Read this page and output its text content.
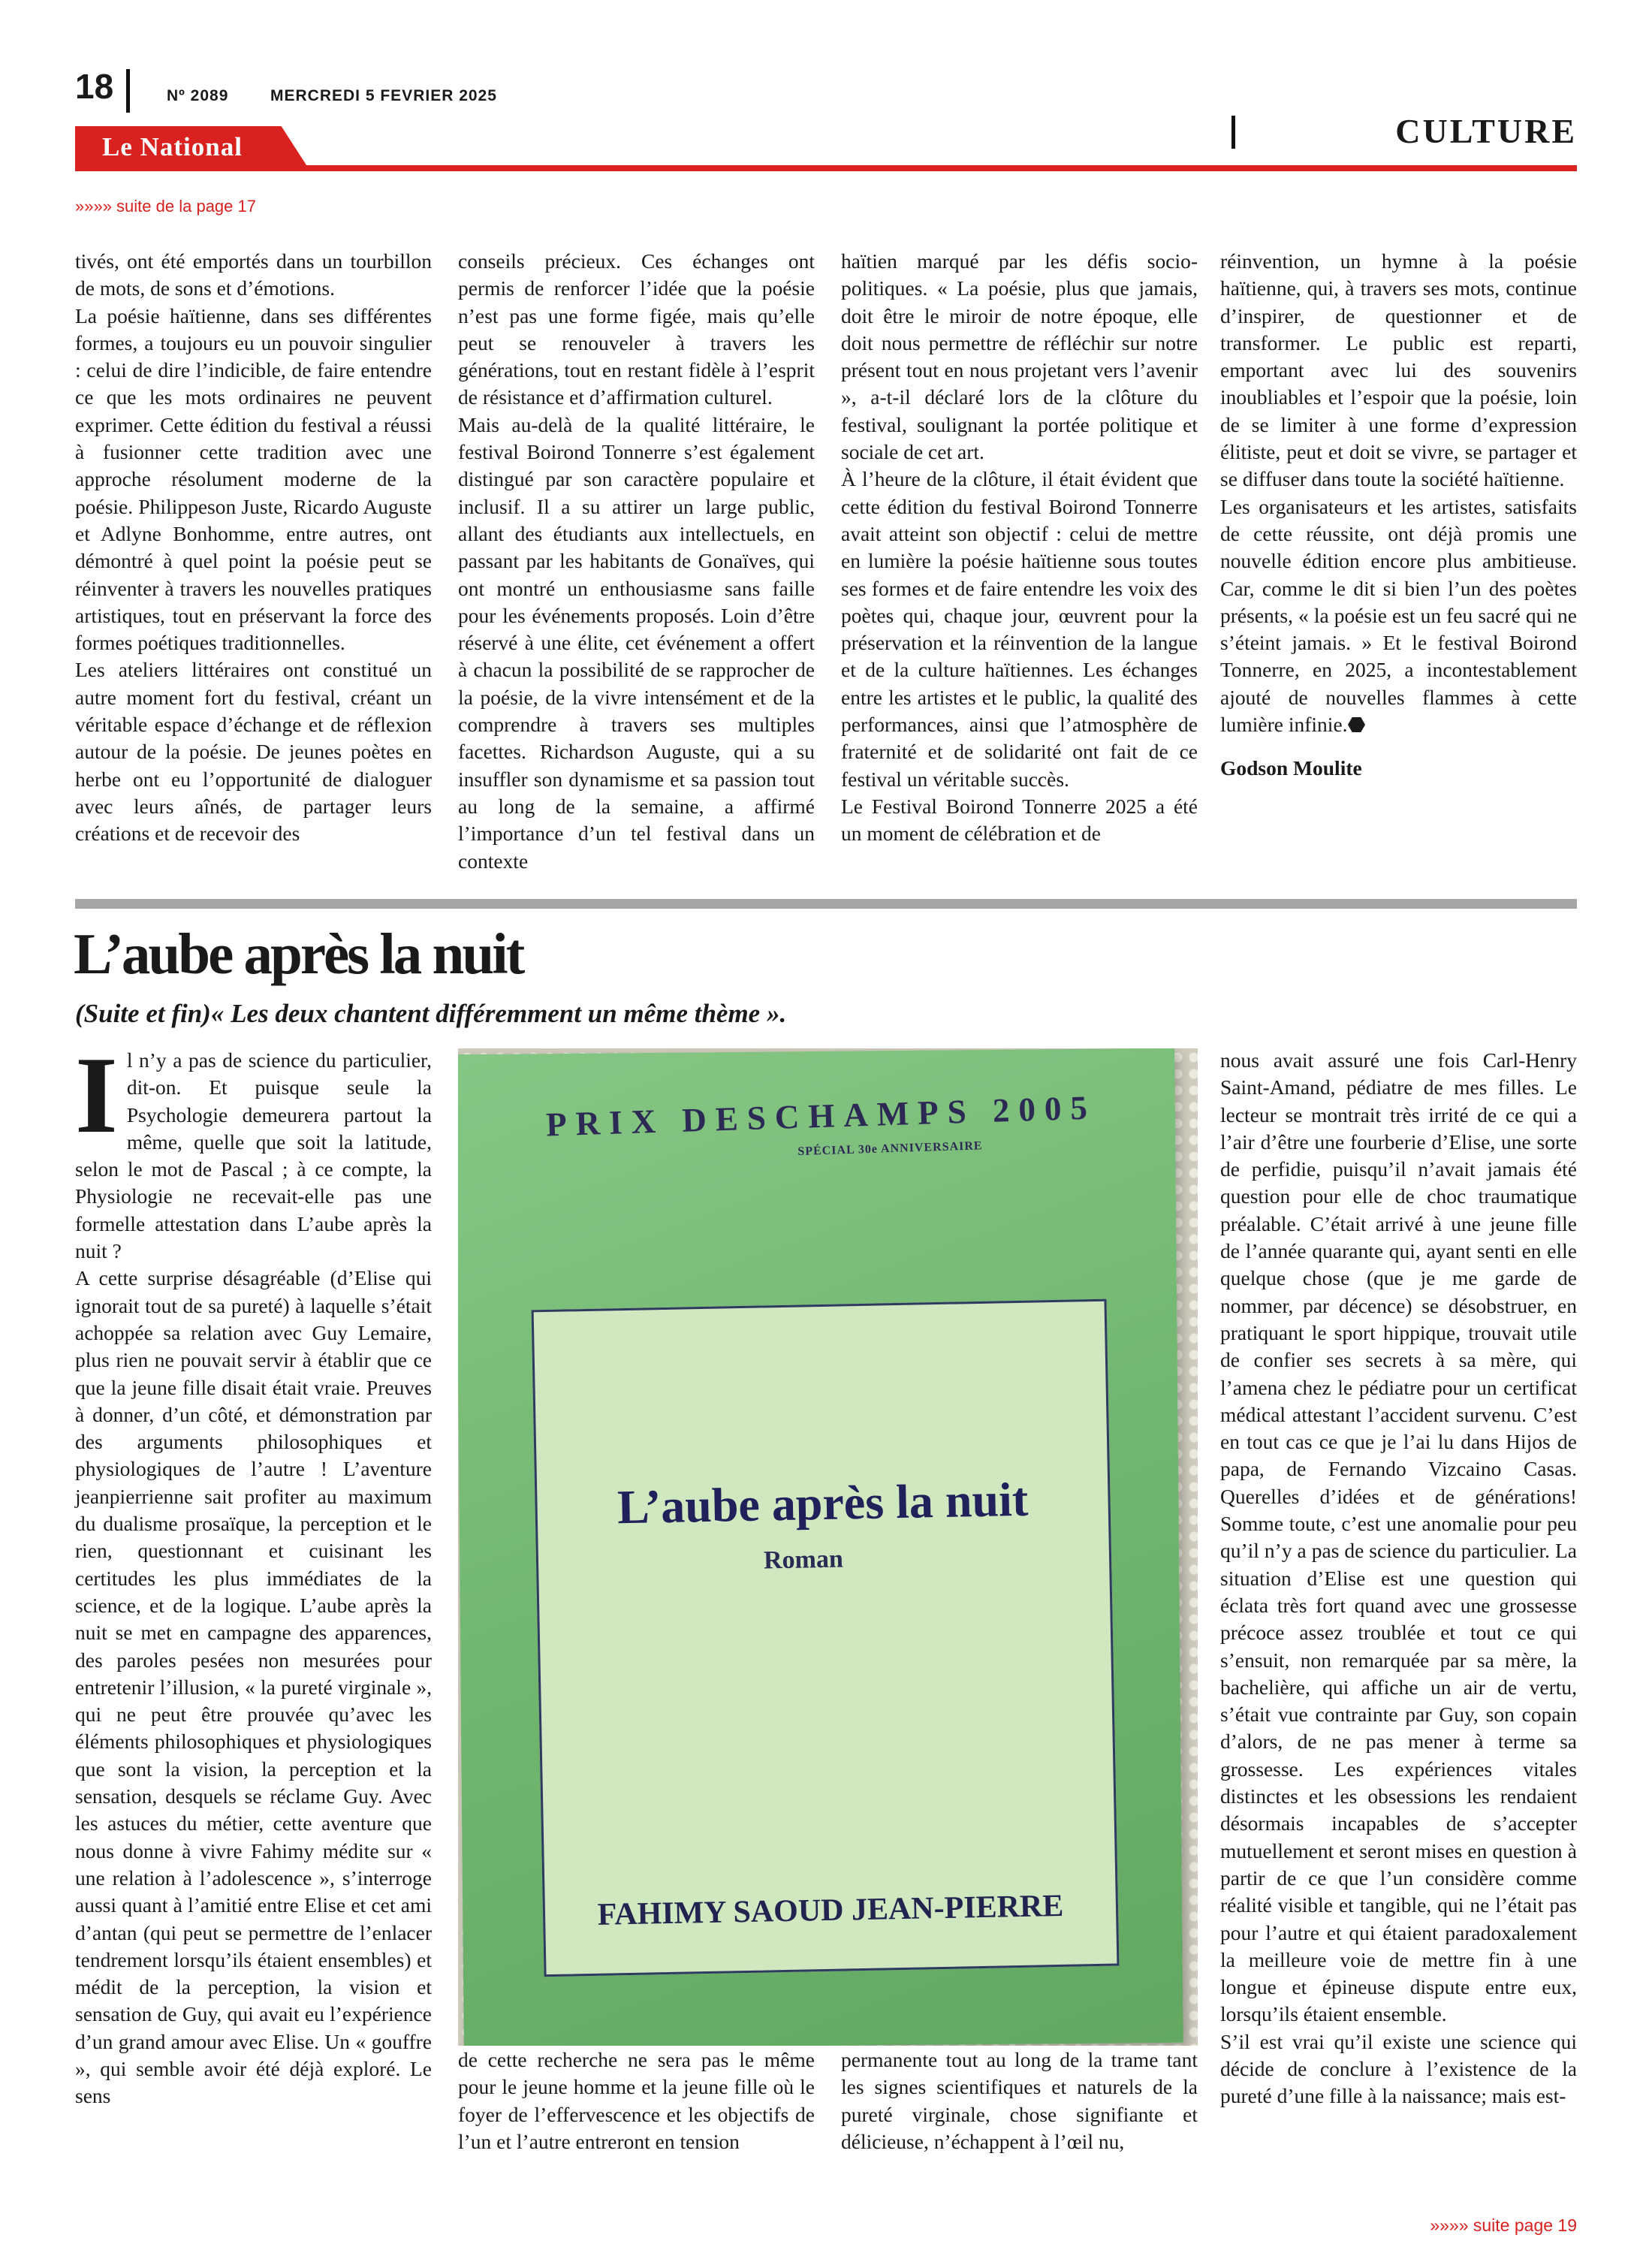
18	Nº 2089	MERCREDI 5 FEVRIER 2025
CULTURE
Le National
»»»» suite de la page 17

tivés, ont été emportés dans un tourbillon de mots, de sons et d’émotions.

La poésie haïtienne, dans ses différentes formes, a toujours eu un pouvoir singulier : celui de dire l’indicible, de faire entendre ce que les mots ordinaires ne peuvent exprimer. Cette édition du festival a réussi à fusionner cette tradition avec une approche résolument moderne de la poésie. Philippeson Juste, Ricardo Auguste et Adlyne Bonhomme, entre autres, ont démontré à quel point la poésie peut se réinventer à travers les nouvelles pratiques artistiques, tout en préservant la force des formes poétiques traditionnelles.

Les ateliers littéraires ont constitué un autre moment fort du festival, créant un véritable espace d’échange et de réflexion autour de la poésie. De jeunes poètes en herbe ont eu l’opportunité de dialoguer avec leurs aînés, de partager leurs créations et de recevoir des

conseils précieux. Ces échanges ont permis de renforcer l’idée que la poésie n’est pas une forme figée, mais qu’elle peut se renouveler à travers les générations, tout en restant fidèle à l’esprit de résistance et d’affirmation culturel.

Mais au-delà de la qualité littéraire, le festival Boirond Tonnerre s’est également distingué par son caractère populaire et inclusif. Il a su attirer un large public, allant des étudiants aux intellectuels, en passant par les habitants de Gonaïves, qui ont montré un enthousiasme sans faille pour les événements proposés. Loin d’être réservé à une élite, cet événement a offert à chacun la possibilité de se rapprocher de la poésie, de la vivre intensément et de la comprendre à travers ses multiples facettes. Richardson Auguste, qui a su insuffler son dynamisme et sa passion tout au long de la semaine, a affirmé l’importance d’un tel festival dans un contexte

haïtien marqué par les défis socio-politiques. « La poésie, plus que jamais, doit être le miroir de notre époque, elle doit nous permettre de réfléchir sur notre présent tout en nous projetant vers l’avenir », a-t-il déclaré lors de la clôture du festival, soulignant la portée politique et sociale de cet art.

À l’heure de la clôture, il était évident que cette édition du festival Boirond Tonnerre avait atteint son objectif : celui de mettre en lumière la poésie haïtienne sous toutes ses formes et de faire entendre les voix des poètes qui, chaque jour, œuvrent pour la préservation et la réinvention de la langue et de la culture haïtiennes. Les échanges entre les artistes et le public, la qualité des performances, ainsi que l’atmosphère de fraternité et de solidarité ont fait de ce festival un véritable succès.

Le Festival Boirond Tonnerre 2025 a été un moment de célébration et de

réinvention, un hymne à la poésie haïtienne, qui, à travers ses mots, continue d’inspirer, de questionner et de transformer. Le public est reparti, emportant avec lui des souvenirs inoubliables et l’espoir que la poésie, loin de se limiter à une forme d’expression élitiste, peut et doit se vivre, se partager et se diffuser dans toute la société haïtienne.

Les organisateurs et les artistes, satisfaits de cette réussite, ont déjà promis une nouvelle édition encore plus ambitieuse. Car, comme le dit si bien l’un des poètes présents, « la poésie est un feu sacré qui ne s’éteint jamais. » Et le festival Boirond Tonnerre, en 2025, a incontestablement ajouté de nouvelles flammes à cette lumière infinie.⬣

Godson Moulite

L’aube après la nuit
(Suite et fin)« Les deux chantent différemment un même thème ».

Il n’y a pas de science du particulier, dit-on. Et puisque seule la Psychologie demeurera partout la même, quelle que soit la latitude, selon le mot de Pascal ; à ce compte, la Physiologie ne recevait-elle pas une formelle attestation dans L’aube après la nuit ?

A cette surprise désagréable (d’Elise qui ignorait tout de sa pureté) à laquelle s’était achoppée sa relation avec Guy Lemaire, plus rien ne pouvait servir à établir que ce que la jeune fille disait était vraie. Preuves à donner, d’un côté, et démonstration par des arguments philosophiques et physiologiques de l’autre ! L’aventure jeanpierrienne sait profiter au maximum du dualisme prosaïque, la perception et le rien, questionnant et cuisinant les certitudes les plus immédiates de la science, et de la logique. L’aube après la nuit se met en campagne des apparences, des paroles pesées non mesurées pour entretenir l’illusion, « la pureté virginale », qui ne peut être prouvée qu’avec les éléments philosophiques et physiologiques que sont la vision, la perception et la sensation, desquels se réclame Guy. Avec les astuces du métier, cette aventure que nous donne à vivre Fahimy médite sur « une relation à l’adolescence », s’interroge aussi quant à l’amitié entre Elise et cet ami d’antan (qui peut se permettre de l’enlacer tendrement lorsqu’ils étaient ensembles) et médit de la perception, la vision et sensation de Guy, qui avait eu l’expérience d’un grand amour avec Elise. Un « gouffre », qui semble avoir été déjà exploré. Le sens

PRIX DESCHAMPS 2005
SPÉCIAL 30e ANNIVERSAIRE
L’aube après la nuit
Roman
FAHIMY SAOUD JEAN-PIERRE

de cette recherche ne sera pas le même pour le jeune homme et la jeune fille où le foyer de l’effervescence et les objectifs de l’un et l’autre entreront en tension

permanente tout au long de la trame tant les signes scientifiques et naturels de la pureté virginale, chose signifiante et délicieuse, n’échappent à l’œil nu,

nous avait assuré une fois Carl-Henry Saint-Amand, pédiatre de mes filles. Le lecteur se montrait très irrité de ce qui a l’air d’être une fourberie d’Elise, une sorte de perfidie, puisqu’il n’avait jamais été question pour elle de choc traumatique préalable. C’était arrivé à une jeune fille de l’année quarante qui, ayant senti en elle quelque chose (que je me garde de nommer, par décence) se désobstruer, en pratiquant le sport hippique, trouvait utile de confier ses secrets à sa mère, qui l’amena chez le pédiatre pour un certificat médical attestant l’accident survenu. C’est en tout cas ce que je l’ai lu dans Hijos de papa, de Fernando Vizcaino Casas. Querelles d’idées et de générations! Somme toute, c’est une anomalie pour peu qu’il n’y a pas de science du particulier. La situation d’Elise est une question qui éclata très fort quand avec une grossesse précoce assez troublée et tout ce qui s’ensuit, non remarquée par sa mère, la bachelière, qui affiche un air de vertu, s’était vue contrainte par Guy, son copain d’alors, de ne pas mener à terme sa grossesse. Les expériences vitales distinctes et les obsessions les rendaient désormais incapables de s’accepter mutuellement et seront mises en question à partir de ce que l’un considère comme réalité visible et tangible, qui ne l’était pas pour l’autre et qui étaient paradoxalement la meilleure voie de mettre fin à une longue et épineuse dispute entre eux, lorsqu’ils étaient ensemble.

S’il est vrai qu’il existe une science qui décide de conclure à l’existence de la pureté d’une fille à la naissance; mais est-

»»»» suite page 19
